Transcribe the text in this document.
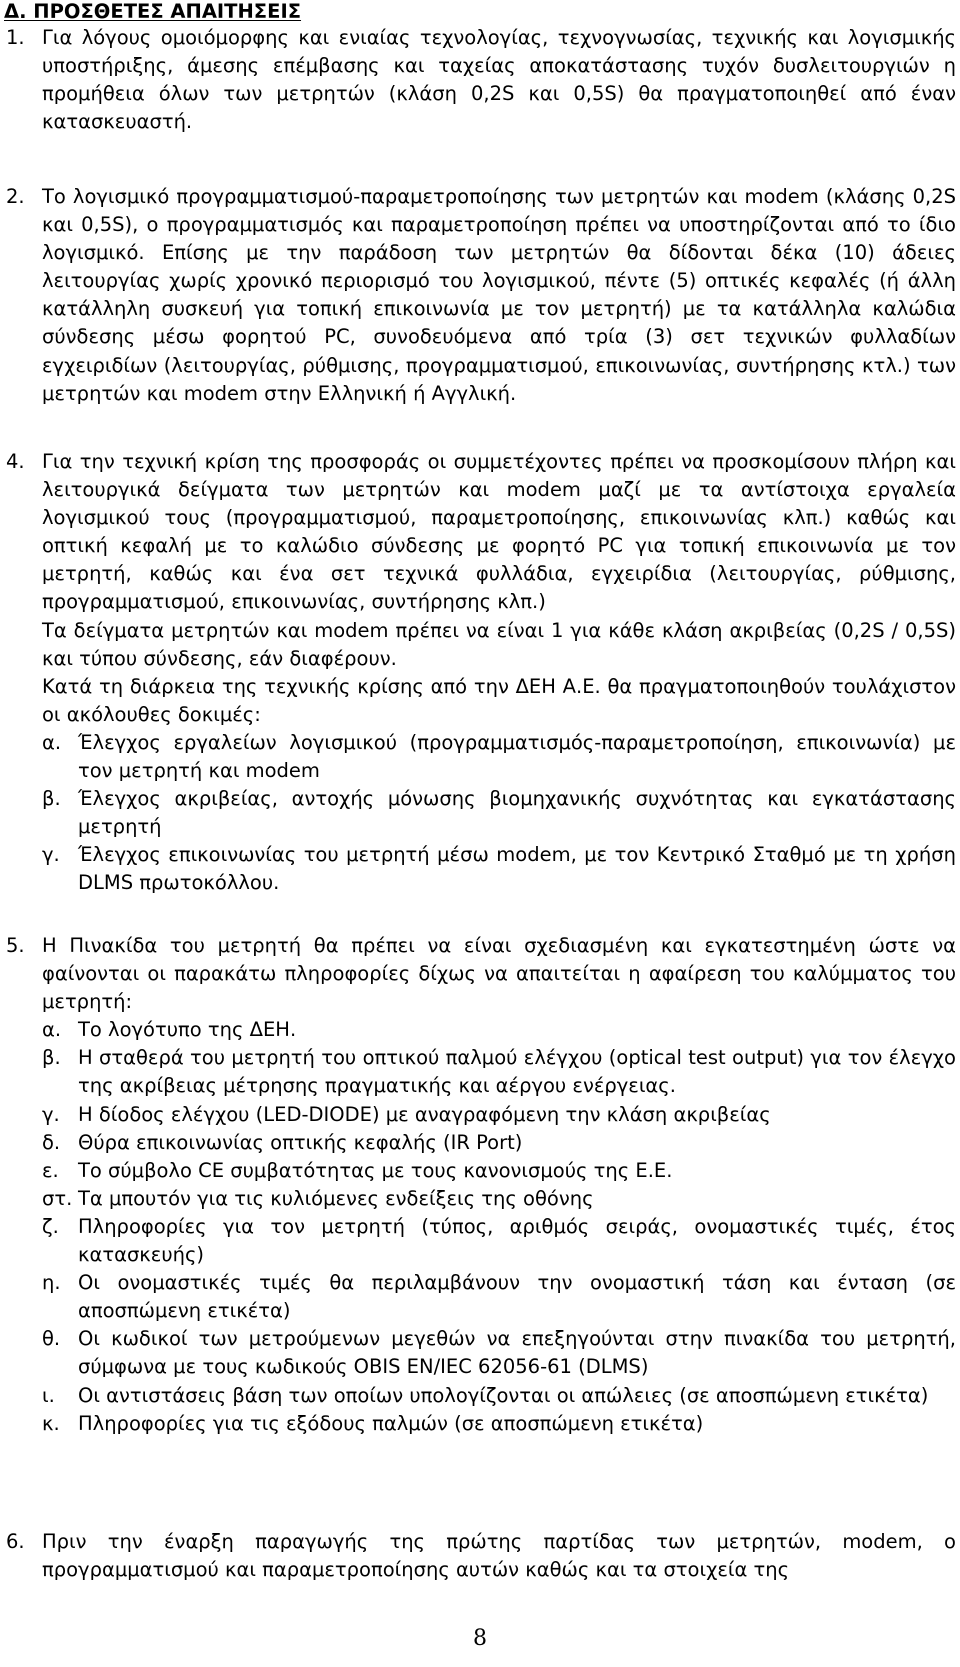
Δ. ΠΡΟΣΘΕΤΕΣ ΑΠΑΙΤΗΣΕΙΣ
1. Για λόγους ομοιόμορφης και ενιαίας τεχνολογίας, τεχνογνωσίας, τεχνικής και λογισμικής υποστήριξης, άμεσης επέμβασης και ταχείας αποκατάστασης τυχόν δυσλειτουργιών η προμήθεια όλων των μετρητών (κλάση 0,2S και 0,5S) θα πραγματοποιηθεί από έναν κατασκευαστή.

2. Το λογισμικό προγραμματισμού-παραμετροποίησης των μετρητών και modem (κλάσης 0,2S και 0,5S), ο προγραμματισμός και παραμετροποίηση πρέπει να υποστηρίζονται από το ίδιο λογισμικό. Επίσης με την παράδοση των μετρητών θα δίδονται δέκα (10) άδειες λειτουργίας χωρίς χρονικό περιορισμό του λογισμικού, πέντε (5) οπτικές κεφαλές (ή άλλη κατάλληλη συσκευή για τοπική επικοινωνία με τον μετρητή) με τα κατάλληλα καλώδια σύνδεσης μέσω φορητού PC, συνοδευόμενα από τρία (3) σετ τεχνικών φυλλαδίων εγχειριδίων (λειτουργίας, ρύθμισης, προγραμματισμού, επικοινωνίας, συντήρησης κτλ.) των μετρητών και modem στην Ελληνική ή Αγγλική.

4. Για την τεχνική κρίση της προσφοράς οι συμμετέχοντες πρέπει να προσκομίσουν πλήρη και λειτουργικά δείγματα των μετρητών και modem μαζί με τα αντίστοιχα εργαλεία λογισμικού τους (προγραμματισμού, παραμετροποίησης, επικοινωνίας κλπ.) καθώς και οπτική κεφαλή με το καλώδιο σύνδεσης με φορητό PC για τοπική επικοινωνία με τον μετρητή, καθώς και ένα σετ τεχνικά φυλλάδια, εγχειρίδια (λειτουργίας, ρύθμισης, προγραμματισμού, επικοινωνίας, συντήρησης κλπ.)

Τα δείγματα μετρητών και modem πρέπει να είναι 1 για κάθε κλάση ακριβείας (0,2S / 0,5S) και τύπου σύνδεσης, εάν διαφέρουν.

Κατά τη διάρκεια της τεχνικής κρίσης από την ΔΕΗ Α.Ε. θα πραγματοποιηθούν τουλάχιστον οι ακόλουθες δοκιμές:

α. Έλεγχος εργαλείων λογισμικού (προγραμματισμός-παραμετροποίηση, επικοινωνία) με τον μετρητή και modem
β. Έλεγχος ακριβείας, αντοχής μόνωσης βιομηχανικής συχνότητας και εγκατάστασης μετρητή
γ. Έλεγχος επικοινωνίας του μετρητή μέσω modem, με τον Κεντρικό Σταθμό με τη χρήση DLMS πρωτοκόλλου.
5. Η Πινακίδα του μετρητή θα πρέπει να είναι σχεδιασμένη και εγκατεστημένη ώστε να φαίνονται οι παρακάτω πληροφορίες δίχως να απαιτείται η αφαίρεση του καλύμματος του μετρητή:

α. Το λογότυπο της ΔΕΗ.
β. Η σταθερά του μετρητή του οπτικού παλμού ελέγχου (optical test output) για τον έλεγχο της ακρίβειας μέτρησης πραγματικής και αέργου ενέργειας.
γ. Η δίοδος ελέγχου (LED-DIODE) με αναγραφόμενη την κλάση ακριβείας
δ. Θύρα επικοινωνίας οπτικής κεφαλής (IR Port)
ε. Το σύμβολο CE συμβατότητας με τους κανονισμούς της Ε.Ε.
στ. Τα μπουτόν για τις κυλιόμενες ενδείξεις της οθόνης
ζ. Πληροφορίες για τον μετρητή (τύπος, αριθμός σειράς, ονομαστικές τιμές, έτος κατασκευής)
η. Οι ονομαστικές τιμές θα περιλαμβάνουν την ονομαστική τάση και ένταση (σε αποσπώμενη ετικέτα)
θ. Οι κωδικοί των μετρούμενων μεγεθών να επεξηγούνται στην πινακίδα του μετρητή, σύμφωνα με τους κωδικούς OBIS EN/IEC 62056-61 (DLMS)
ι. Οι αντιστάσεις βάση των οποίων υπολογίζονται οι απώλειες (σε αποσπώμενη ετικέτα)
κ. Πληροφορίες για τις εξόδους παλμών (σε αποσπώμενη ετικέτα)
6. Πριν την έναρξη παραγωγής της πρώτης παρτίδας των μετρητών, modem, ο προγραμματισμού και παραμετροποίησης αυτών καθώς και τα στοιχεία της

8
